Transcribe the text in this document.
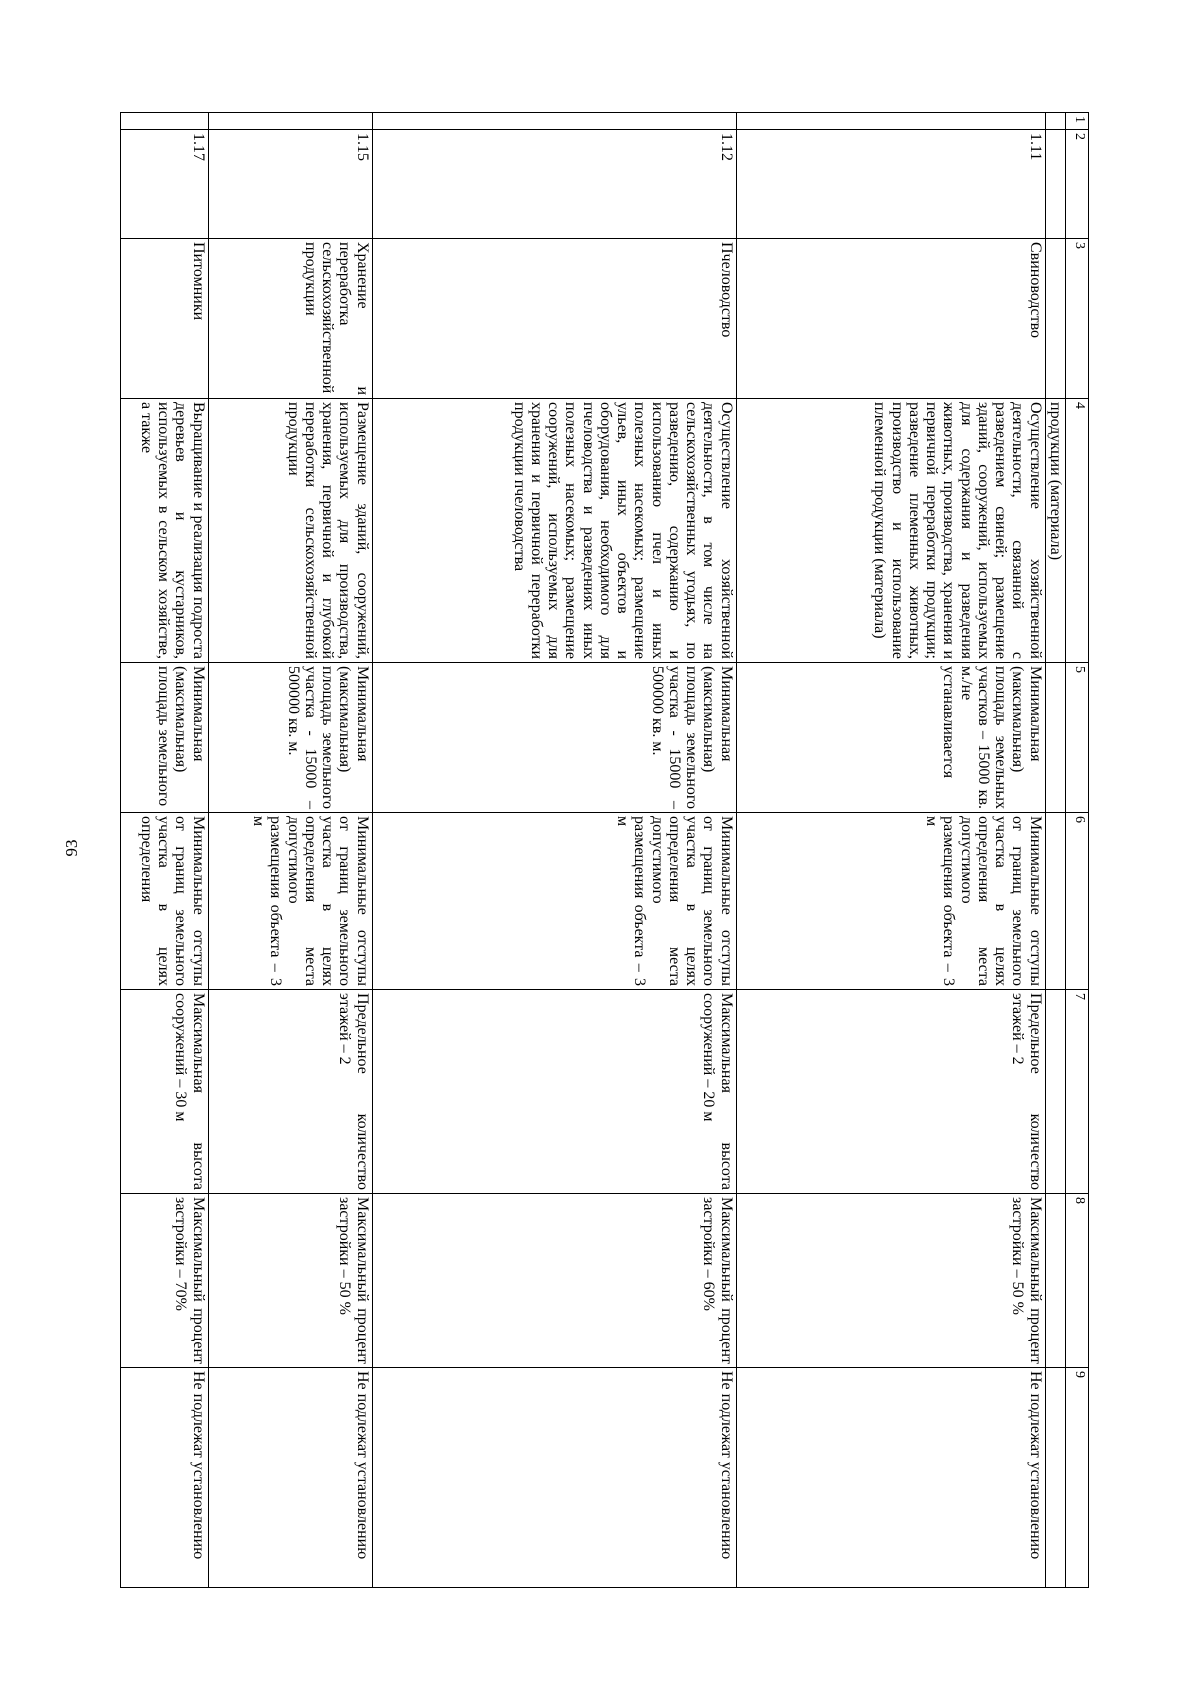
93
1	2	3	4	5	6	7	8	9
			продукции (материала)					
	1.11	Свиноводство	Осуществление хозяйственной деятельности, связанной с разведением свиней; размещение зданий, сооружений, используемых для содержания и разведения животных, производства, хранения и первичной переработки продукции; разведение племенных животных, производство и использование племенной продукции (материала)	Минимальная (максимальная) площадь земельных участков – 15000 кв. м./не устанавливается	Минимальные отступы от границ земельного участка в целях определения места допустимого размещения объекта – 3 м	Предельное количество этажей – 2	Максимальный процент застройки – 50 %	Не подлежат установлению
	1.12	Пчеловодство	Осуществление хозяйственной деятельности, в том числе на сельскохозяйственных угодьях, по разведению, содержанию и использованию пчел и иных полезных насекомых; размещение ульев, иных объектов и оборудования, необходимого для пчеловодства и разведениях иных полезных насекомых; размещение сооружений, используемых для хранения и первичной переработки продукции пчеловодства	Минимальная (максимальная) площадь земельного участка - 15000 – 500000 кв. м.	Минимальные отступы от границ земельного участка в целях определения места допустимого размещения объекта – 3 м	Максимальная высота сооружений – 20 м	Максимальный процент застройки – 60%	Не подлежат установлению
	1.15	Хранение и переработка сельскохозяйственной продукции	Размещение зданий, сооружений, используемых для производства, хранения, первичной и глубокой переработки сельскохозяйственной продукции	Минимальная (максимальная) площадь земельного участка - 15000 – 500000 кв. м.	Минимальные отступы от границ земельного участка в целях определения места допустимого размещения объекта – 3 м	Предельное количество этажей – 2	Максимальный процент застройки – 50 %	Не подлежат установлению
	1.17	Питомники	Выращивание и реализация подроста деревьев и кустарников, используемых в сельском хозяйстве, а также	Минимальная (максимальная) площадь земельного	Минимальные отступы от границ земельного участка в целях определения	Максимальная высота сооружений – 30 м	Максимальный процент застройки – 70%	Не подлежат установлению
